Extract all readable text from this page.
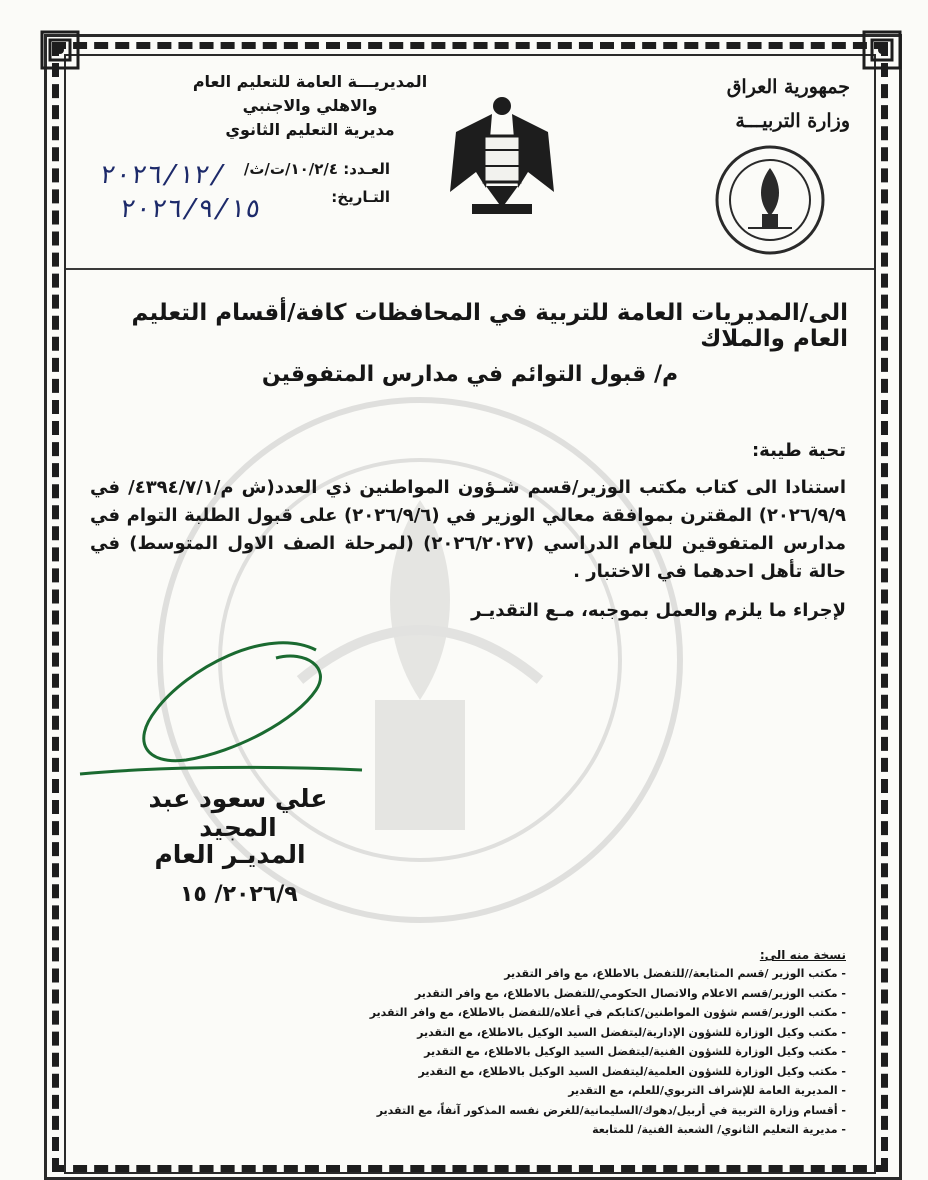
جمهورية العراق
وزارة التربيـــة
المديريـــة العامة للتعليم العام
والاهلي والاجنبي
مديرية التعليم الثانوي
العـدد: ١٠/٢/٤/ت/ث/
٢٠٢٦/١٢/
التـاريخ:
٢٠٢٦/٩/١٥
الى/المديريات العامة للتربية في المحافظات كافة/أقسام التعليم العام والملاك
م/ قبول التوائم في مدارس المتفوقين
تحية طيبة:
استنادا الى كتاب مكتب الوزير/قسم شـؤون المواطنين ذي العدد(ش م/٤٣٩٤/٧/١/ في ٢٠٢٦/٩/٩) المقترن بموافقة معالي الوزير في (٢٠٢٦/٩/٦) على قبول الطلبة التوام في مدارس المتفوقين للعام الدراسي (٢٠٢٦/٢٠٢٧) (لمرحلة الصف الاول المتوسط) في حالة تأهل احدهما في الاختبار .
لإجراء ما يلزم والعمل بموجبه، مـع التقديـر
علي سعود عبد المجيد
المديـر العام
٢٠٢٦/٩/ ١٥
نسخة منه الى:
- مكتب الوزير /قسم المتابعة//للتفضل بالاطلاع، مع وافر التقدير
- مكتب الوزير/قسم الاعلام والاتصال الحكومي/للتفضل بالاطلاع، مع وافر التقدير
- مكتب الوزير/قسم شؤون المواطنين/كتابكم في أعلاه/للتفضل بالاطلاع، مع وافر التقدير
- مكتب وكيل الوزارة للشؤون الإدارية/ليتفضل السيد الوكيل بالاطلاع، مع التقدير
- مكتب وكيل الوزارة للشؤون الفنية/ليتفضل السيد الوكيل بالاطلاع، مع التقدير
- مكتب وكيل الوزارة للشؤون العلمية/ليتفضل السيد الوكيل بالاطلاع، مع التقدير
- المديرية العامة للإشراف التربوي/للعلم، مع التقدير
- أقسام وزارة التربية في أربيل/دهوك/السليمانية/للغرض نفسه المذكور آنفاً، مع التقدير
- مديرية التعليم الثانوي/ الشعبة الفنية/ للمتابعة
